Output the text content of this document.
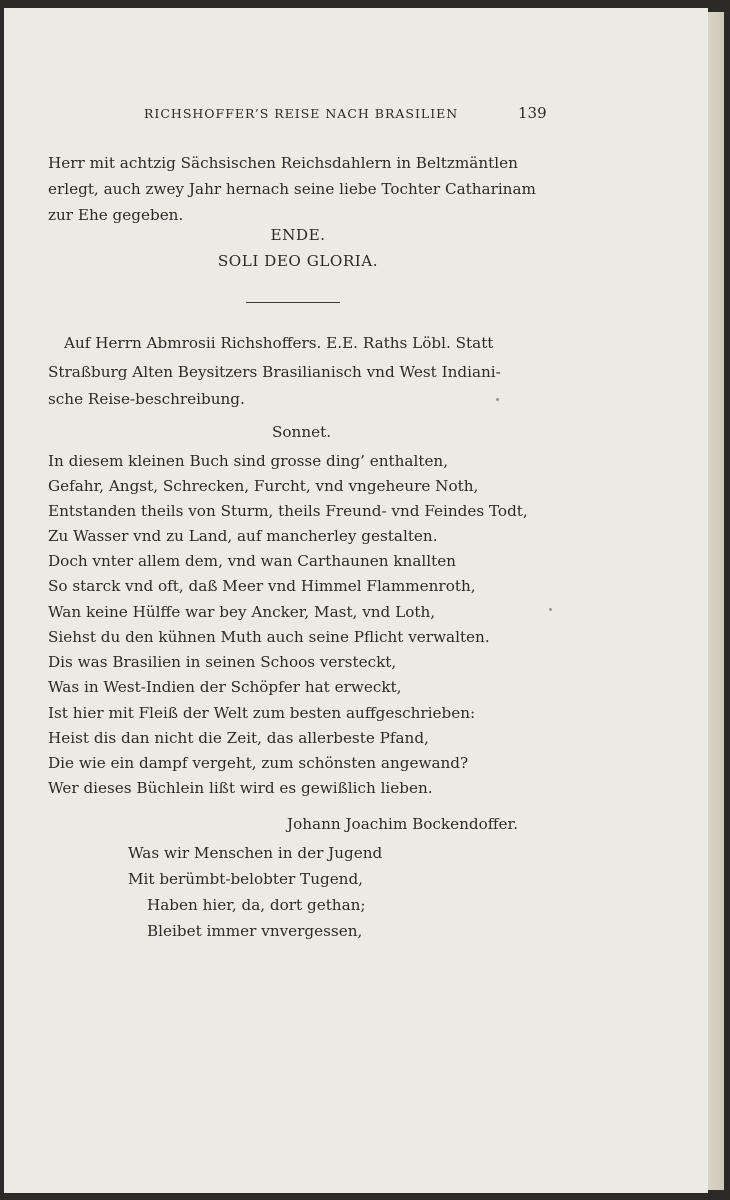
RICHSHOFFER’S REISE NACH BRASILIEN	139
Herr mit achtzig Sächsischen Reichsdahlern in Beltzmäntlen
erlegt, auch zwey Jahr hernach seine liebe Tochter Catharinam
zur Ehe gegeben.
ENDE.
SOLI DEO GLORIA.
Auf Herrn Abmrosii Richshoffers. E.E. Raths Löbl. Statt
Straßburg Alten Beysitzers Brasilianisch vnd West Indiani-
sche Reise-beschreibung.
Sonnet.
In diesem kleinen Buch sind grosse ding’ enthalten,
Gefahr, Angst, Schrecken, Furcht, vnd vngeheure Noth,
Entstanden theils von Sturm, theils Freund- vnd Feindes Todt,
Zu Wasser vnd zu Land, auf mancherley gestalten.
Doch vnter allem dem, vnd wan Carthaunen knallten
So starck vnd oft, daß Meer vnd Himmel Flammenroth,
Wan keine Hülffe war bey Ancker, Mast, vnd Loth,
Siehst du den kühnen Muth auch seine Pflicht verwalten.
Dis was Brasilien in seinen Schoos versteckt,
Was in West-Indien der Schöpfer hat erweckt,
Ist hier mit Fleiß der Welt zum besten auffgeschrieben:
Heist dis dan nicht die Zeit, das allerbeste Pfand,
Die wie ein dampf vergeht, zum schönsten angewand?
Wer dieses Büchlein lißt wird es gewißlich lieben.
Johann Joachim Bockendoffer.
Was wir Menschen in der Jugend
Mit berümbt-belobter Tugend,
Haben hier, da, dort gethan;
Bleibet immer vnvergessen,
